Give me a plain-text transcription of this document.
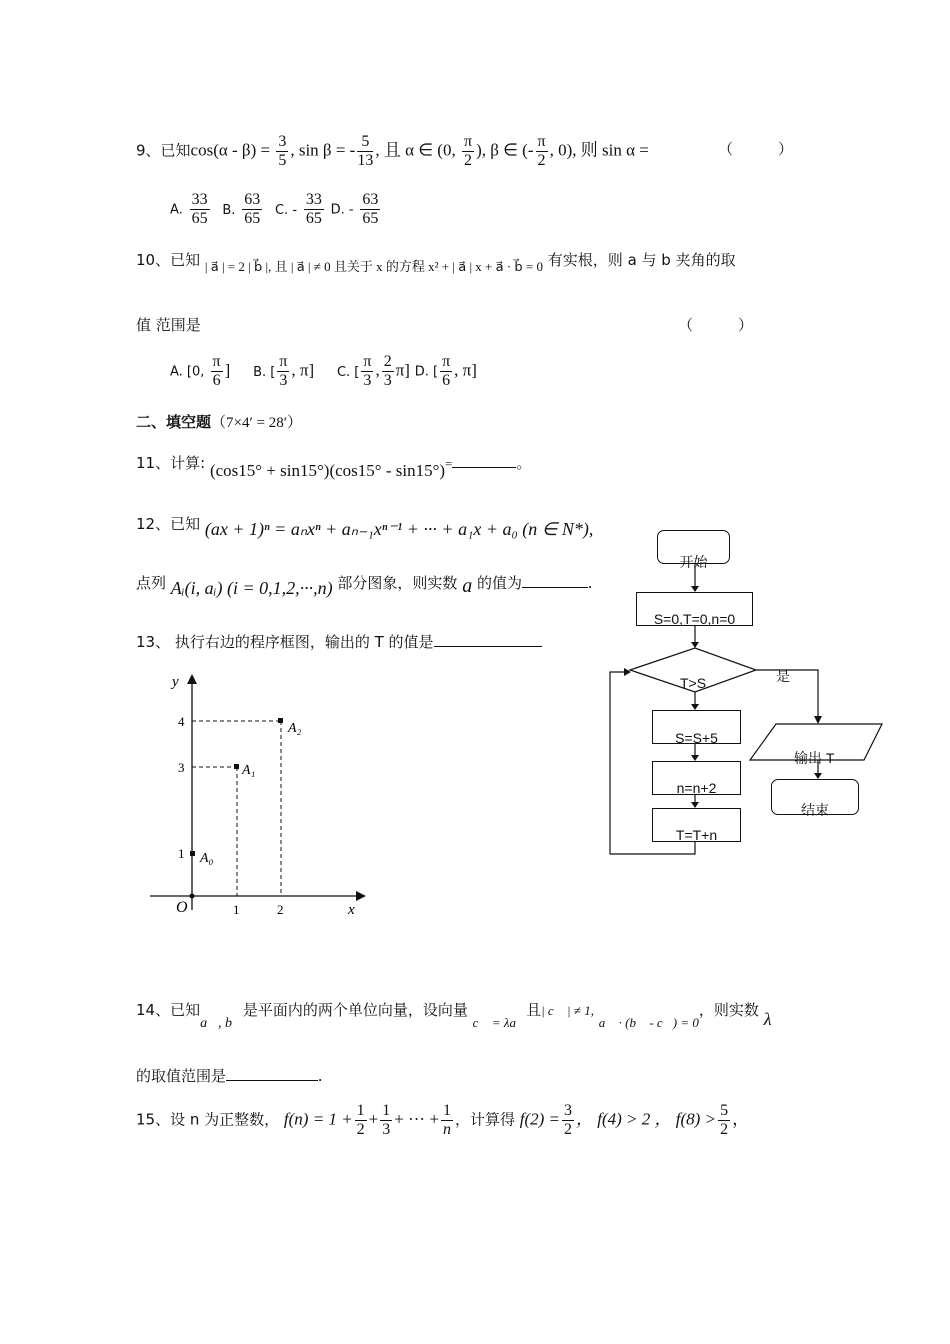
9、已知$\cos(\alpha - \beta) = \frac{3}{5}$ , sin β = - $\frac{5}{13}$ , 且 α ∈ (0, $\frac{\pi}{2}$ ), β ∈ (- $\frac{\pi}{2}$ , 0), 则 sin α =	（　　　）
A. $\frac{33}{65} B$. $\frac{63}{65} C$. - $\frac{33}{65} D$. - $\frac{63}{65}$
10、已知 | a⃗ | = 2 | b⃗ |, 且 | a⃗ | ≠ 0 且关于 x 的方程 x² + | a⃗ | x + a⃗ · b⃗ = 0 有实根，则 a 与 b 夹角的取
值 范围是	（　　　）
A. [0, $\frac{\pi}{6}$ ] B. [ $\frac{\pi}{3}$ , π] C. [ $\frac{\pi}{3}$ , $\frac{2}{3} \pi$] D. [ $\frac{\pi}{6}$ , π]
二、填空题（7×4′ = 28′）
11、计算: (cos15° + sin15°)(cos15° - sin15°)=	。
12、已知 (ax + 1)ⁿ = aₙxⁿ + aₙ₋₁xⁿ⁻¹ + ··· + a₁x + a₀ (n ∈ N*),
点列 Aᵢ(i, aᵢ) (i = 0,1,2,···,n) 部分图象，则实数 a 的值为	.
13、 执行右边的程序框图，输出的 T 的值是
y
x
O
4
3
1
1	2
A₂
A₁
A₀
开始
S=0,T=0,n=0
T>S	是
S=S+5
n=n+2
T=T+n
输出 T
结束
14、已知a⃗, b⃗是平面内的两个单位向量，设向量 c⃗ = λa⃗且| c⃗ | ≠ 1, a⃗ · (b⃗ - c⃗) = 0，则实数 λ
的取值范围是	.
15、设 n 为正整数， $f(n) = 1 + \frac{1}{2} + \frac{1}{3}$ + ··· + $\frac{1}{n}$ ，计算得 $f(2) = \frac{3}{2}$ ， f(4) > 2 ， $f(8) > \frac{5}{2}$ ，
